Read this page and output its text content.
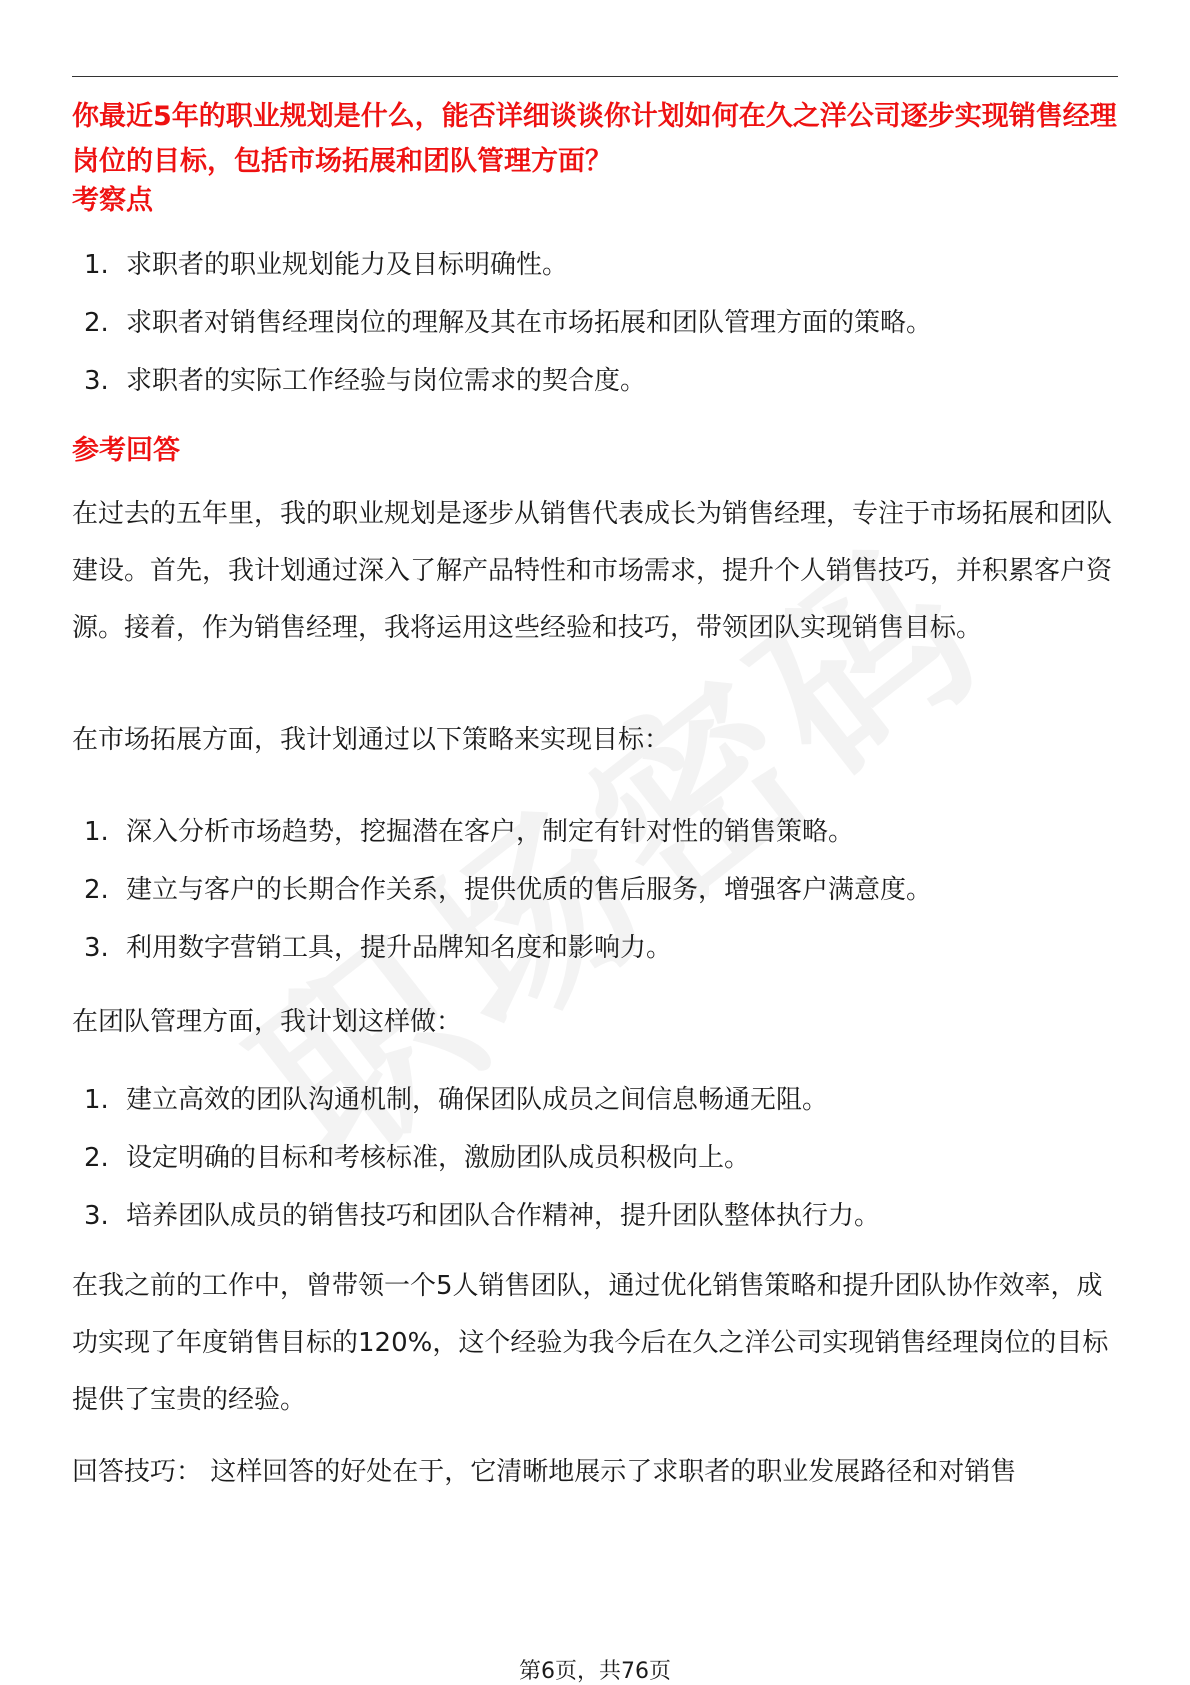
你最近5年的职业规划是什么，能否详细谈谈你计划如何在久之洋公司逐步实现销售经理岗位的目标，包括市场拓展和团队管理方面？
考察点
1. 求职者的职业规划能力及目标明确性。
2. 求职者对销售经理岗位的理解及其在市场拓展和团队管理方面的策略。
3. 求职者的实际工作经验与岗位需求的契合度。
参考回答
在过去的五年里，我的职业规划是逐步从销售代表成长为销售经理，专注于市场拓展和团队建设。首先，我计划通过深入了解产品特性和市场需求，提升个人销售技巧，并积累客户资源。接着，作为销售经理，我将运用这些经验和技巧，带领团队实现销售目标。
在市场拓展方面，我计划通过以下策略来实现目标：
1. 深入分析市场趋势，挖掘潜在客户，制定有针对性的销售策略。
2. 建立与客户的长期合作关系，提供优质的售后服务，增强客户满意度。
3. 利用数字营销工具，提升品牌知名度和影响力。
在团队管理方面，我计划这样做：
1. 建立高效的团队沟通机制，确保团队成员之间信息畅通无阻。
2. 设定明确的目标和考核标准，激励团队成员积极向上。
3. 培养团队成员的销售技巧和团队合作精神，提升团队整体执行力。
在我之前的工作中，曾带领一个5人销售团队，通过优化销售策略和提升团队协作效率，成功实现了年度销售目标的120%，这个经验为我今后在久之洋公司实现销售经理岗位的目标提供了宝贵的经验。
回答技巧： 这样回答的好处在于，它清晰地展示了求职者的职业发展路径和对销售
第6页，共76页
